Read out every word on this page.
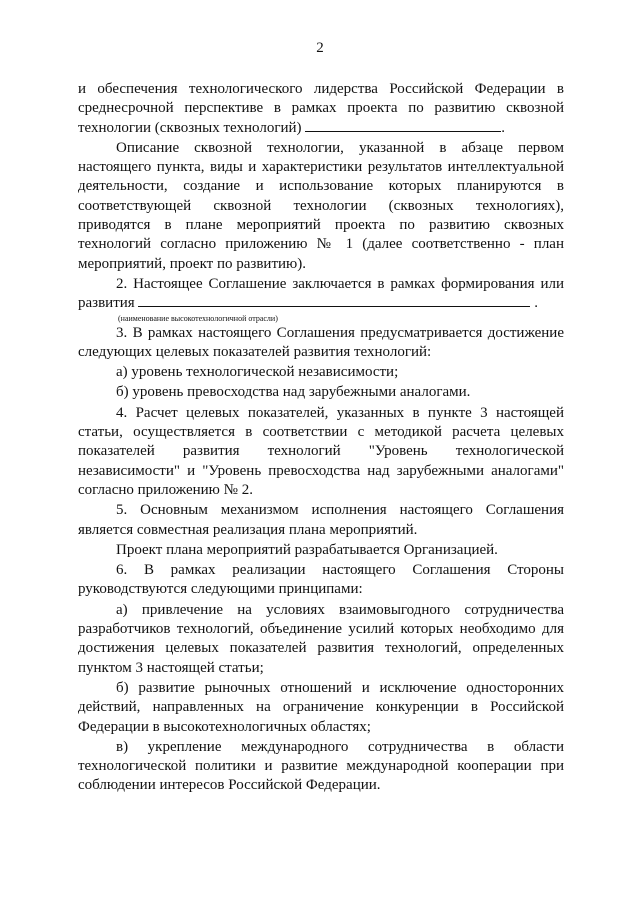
2

и обеспечения технологического лидерства Российской Федерации в среднесрочной перспективе в рамках проекта по развитию сквозной технологии (сквозных технологий)	.

Описание сквозной технологии, указанной в абзаце первом настоящего пункта, виды и характеристики результатов интеллектуальной деятельности, создание и использование которых планируются в соответствующей сквозной технологии (сквозных технологиях), приводятся в плане мероприятий проекта по развитию сквозных технологий согласно приложению № 1 (далее соответственно - план мероприятий, проект по развитию).

2. Настоящее Соглашение заключается в рамках формирования или развития	.

(наименование высокотехнологичной отрасли)

3. В рамках настоящего Соглашения предусматривается достижение следующих целевых показателей развития технологий:

а) уровень технологической независимости;

б) уровень превосходства над зарубежными аналогами.

4. Расчет целевых показателей, указанных в пункте 3 настоящей статьи, осуществляется в соответствии с методикой расчета целевых показателей развития технологий "Уровень технологической независимости" и "Уровень превосходства над зарубежными аналогами" согласно приложению № 2.

5. Основным механизмом исполнения настоящего Соглашения является совместная реализация плана мероприятий.

Проект плана мероприятий разрабатывается Организацией.

6. В рамках реализации настоящего Соглашения Стороны руководствуются следующими принципами:

а) привлечение на условиях взаимовыгодного сотрудничества разработчиков технологий, объединение усилий которых необходимо для достижения целевых показателей развития технологий, определенных пунктом 3 настоящей статьи;

б) развитие рыночных отношений и исключение односторонних действий, направленных на ограничение конкуренции в Российской Федерации в высокотехнологичных областях;

в) укрепление международного сотрудничества в области технологической политики и развитие международной кооперации при соблюдении интересов Российской Федерации.
